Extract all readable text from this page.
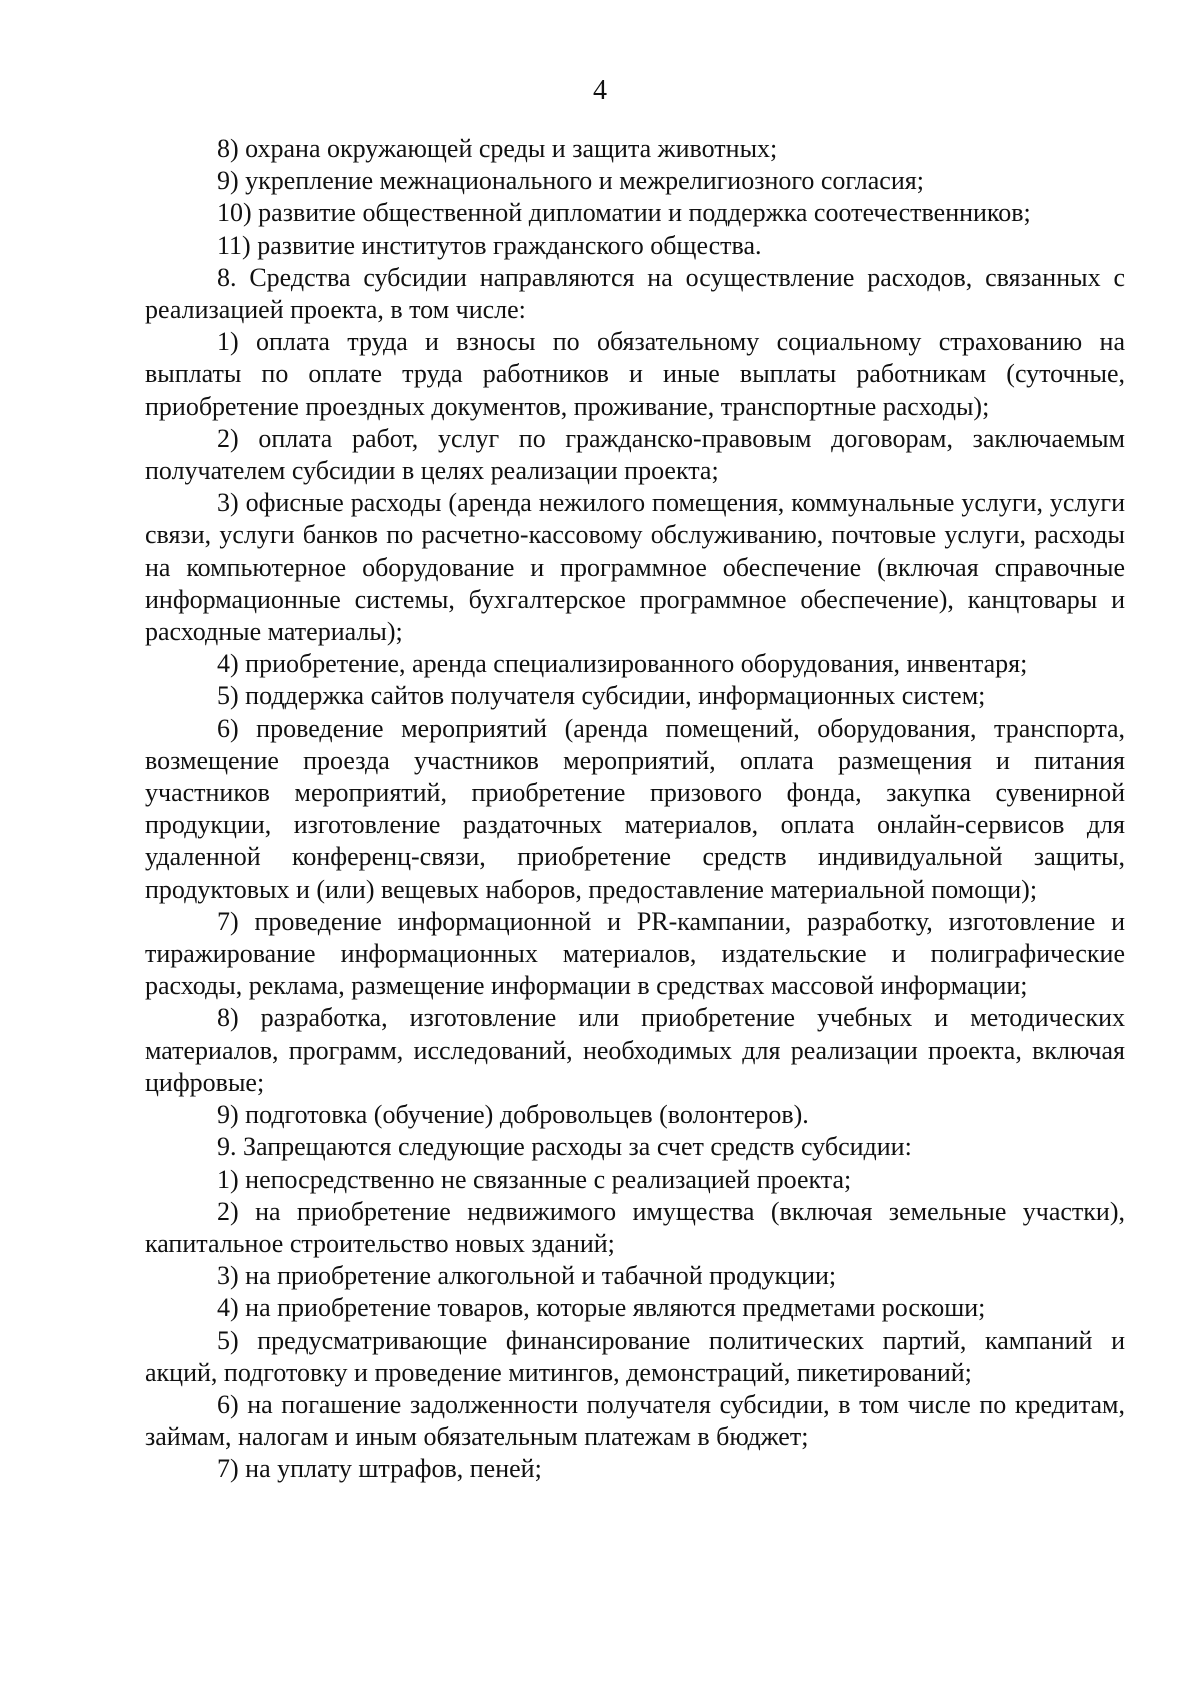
4

8) охрана окружающей среды и защита животных;

9) укрепление межнационального и межрелигиозного согласия;

10) развитие общественной дипломатии и поддержка соотечественников;

11) развитие институтов гражданского общества.

8. Средства субсидии направляются на осуществление расходов, связанных с реализацией проекта, в том числе:

1) оплата труда и взносы по обязательному социальному страхованию на выплаты по оплате труда работников и иные выплаты работникам (суточные, приобретение проездных документов, проживание, транспортные расходы);

2) оплата работ, услуг по гражданско-правовым договорам, заключаемым получателем субсидии в целях реализации проекта;

3) офисные расходы (аренда нежилого помещения, коммунальные услуги, услуги связи, услуги банков по расчетно-кассовому обслуживанию, почтовые услуги, расходы на компьютерное оборудование и программное обеспечение (включая справочные информационные системы, бухгалтерское программное обеспечение), канцтовары и расходные материалы);

4) приобретение, аренда специализированного оборудования, инвентаря;

5) поддержка сайтов получателя субсидии, информационных систем;

6) проведение мероприятий (аренда помещений, оборудования, транспорта, возмещение проезда участников мероприятий, оплата размещения и питания участников мероприятий, приобретение призового фонда, закупка сувенирной продукции, изготовление раздаточных материалов, оплата онлайн-сервисов для удаленной конференц-связи, приобретение средств индивидуальной защиты, продуктовых и (или) вещевых наборов, предоставление материальной помощи);

7) проведение информационной и PR-кампании, разработку, изготовление и тиражирование информационных материалов, издательские и полиграфические расходы, реклама, размещение информации в средствах массовой информации;

8) разработка, изготовление или приобретение учебных и методических материалов, программ, исследований, необходимых для реализации проекта, включая цифровые;

9) подготовка (обучение) добровольцев (волонтеров).

9. Запрещаются следующие расходы за счет средств субсидии:

1) непосредственно не связанные с реализацией проекта;

2) на приобретение недвижимого имущества (включая земельные участки), капитальное строительство новых зданий;

3) на приобретение алкогольной и табачной продукции;

4) на приобретение товаров, которые являются предметами роскоши;

5) предусматривающие финансирование политических партий, кампаний и акций, подготовку и проведение митингов, демонстраций, пикетирований;

6) на погашение задолженности получателя субсидии, в том числе по кредитам, займам, налогам и иным обязательным платежам в бюджет;

7) на уплату штрафов, пеней;
